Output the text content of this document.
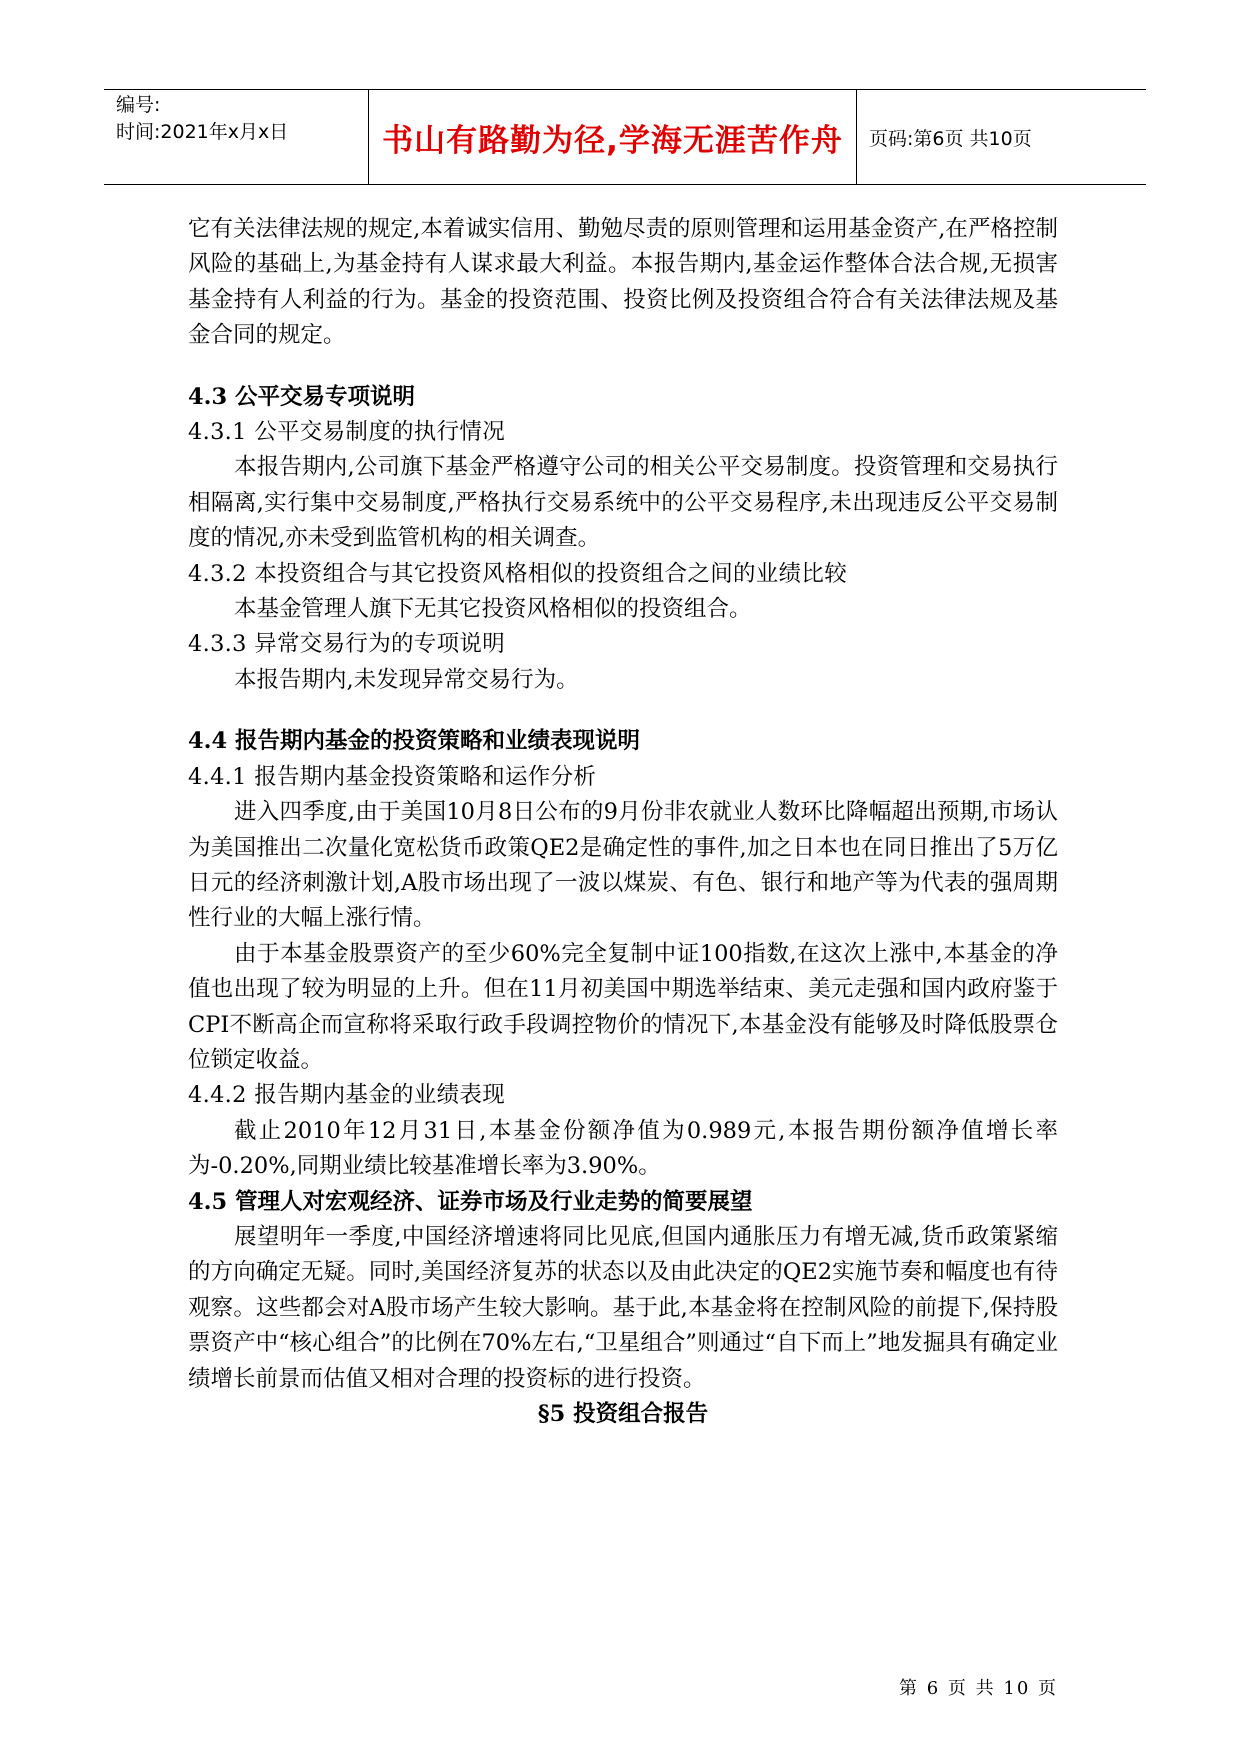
编号:
时间:2021年x月x日	书山有路勤为径,学海无涯苦作舟	页码:第6页 共10页

它有关法律法规的规定,本着诚实信用、勤勉尽责的原则管理和运用基金资产,在严格控制风险的基础上,为基金持有人谋求最大利益。本报告期内,基金运作整体合法合规,无损害基金持有人利益的行为。基金的投资范围、投资比例及投资组合符合有关法律法规及基金合同的规定。

4.3 公平交易专项说明

4.3.1 公平交易制度的执行情况

本报告期内,公司旗下基金严格遵守公司的相关公平交易制度。投资管理和交易执行相隔离,实行集中交易制度,严格执行交易系统中的公平交易程序,未出现违反公平交易制度的情况,亦未受到监管机构的相关调查。

4.3.2 本投资组合与其它投资风格相似的投资组合之间的业绩比较

本基金管理人旗下无其它投资风格相似的投资组合。

4.3.3 异常交易行为的专项说明

本报告期内,未发现异常交易行为。

4.4 报告期内基金的投资策略和业绩表现说明

4.4.1 报告期内基金投资策略和运作分析

进入四季度,由于美国10月8日公布的9月份非农就业人数环比降幅超出预期,市场认为美国推出二次量化宽松货币政策QE2是确定性的事件,加之日本也在同日推出了5万亿日元的经济刺激计划,A股市场出现了一波以煤炭、有色、银行和地产等为代表的强周期性行业的大幅上涨行情。

由于本基金股票资产的至少60%完全复制中证100指数,在这次上涨中,本基金的净值也出现了较为明显的上升。但在11月初美国中期选举结束、美元走强和国内政府鉴于CPI不断高企而宣称将采取行政手段调控物价的情况下,本基金没有能够及时降低股票仓位锁定收益。

4.4.2 报告期内基金的业绩表现

截止2010年12月31日,本基金份额净值为0.989元,本报告期份额净值增长率为-0.20%,同期业绩比较基准增长率为3.90%。

4.5 管理人对宏观经济、证券市场及行业走势的简要展望

展望明年一季度,中国经济增速将同比见底,但国内通胀压力有增无减,货币政策紧缩的方向确定无疑。同时,美国经济复苏的状态以及由此决定的QE2实施节奏和幅度也有待观察。这些都会对A股市场产生较大影响。基于此,本基金将在控制风险的前提下,保持股票资产中“核心组合”的比例在70%左右,“卫星组合”则通过“自下而上”地发掘具有确定业绩增长前景而估值又相对合理的投资标的进行投资。

§5 投资组合报告

第 6 页 共 10 页
